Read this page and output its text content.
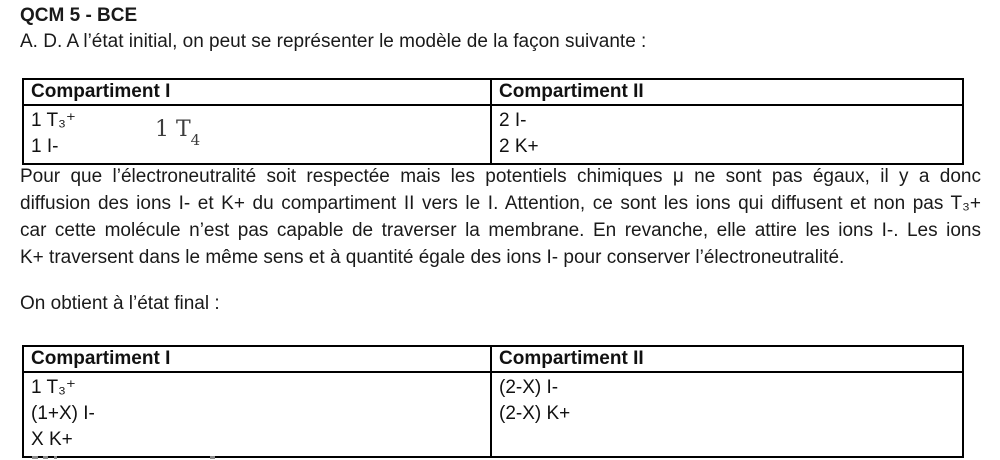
QCM 5 - BCE
A. D. A l’état initial, on peut se représenter le modèle de la façon suivante :
Compartiment I	Compartiment II

1 T₃⁺
1 I-
1 $T_4$

2 I-
2 K+
Pour que l’électroneutralité soit respectée mais les potentiels chimiques μ ne sont pas égaux, il y a donc
diffusion des ions I- et K+ du compartiment II vers le I. Attention, ce sont les ions qui diffusent et non pas T₃+
car cette molécule n’est pas capable de traverser la membrane. En revanche, elle attire les ions I-. Les ions
K+ traversent dans le même sens et à quantité égale des ions I- pour conserver l’électroneutralité.
On obtient à l’état final :
Compartiment I	Compartiment II

1 T₃⁺
(1+X) I-
X K+

(2-X) I-
(2-X) K+
